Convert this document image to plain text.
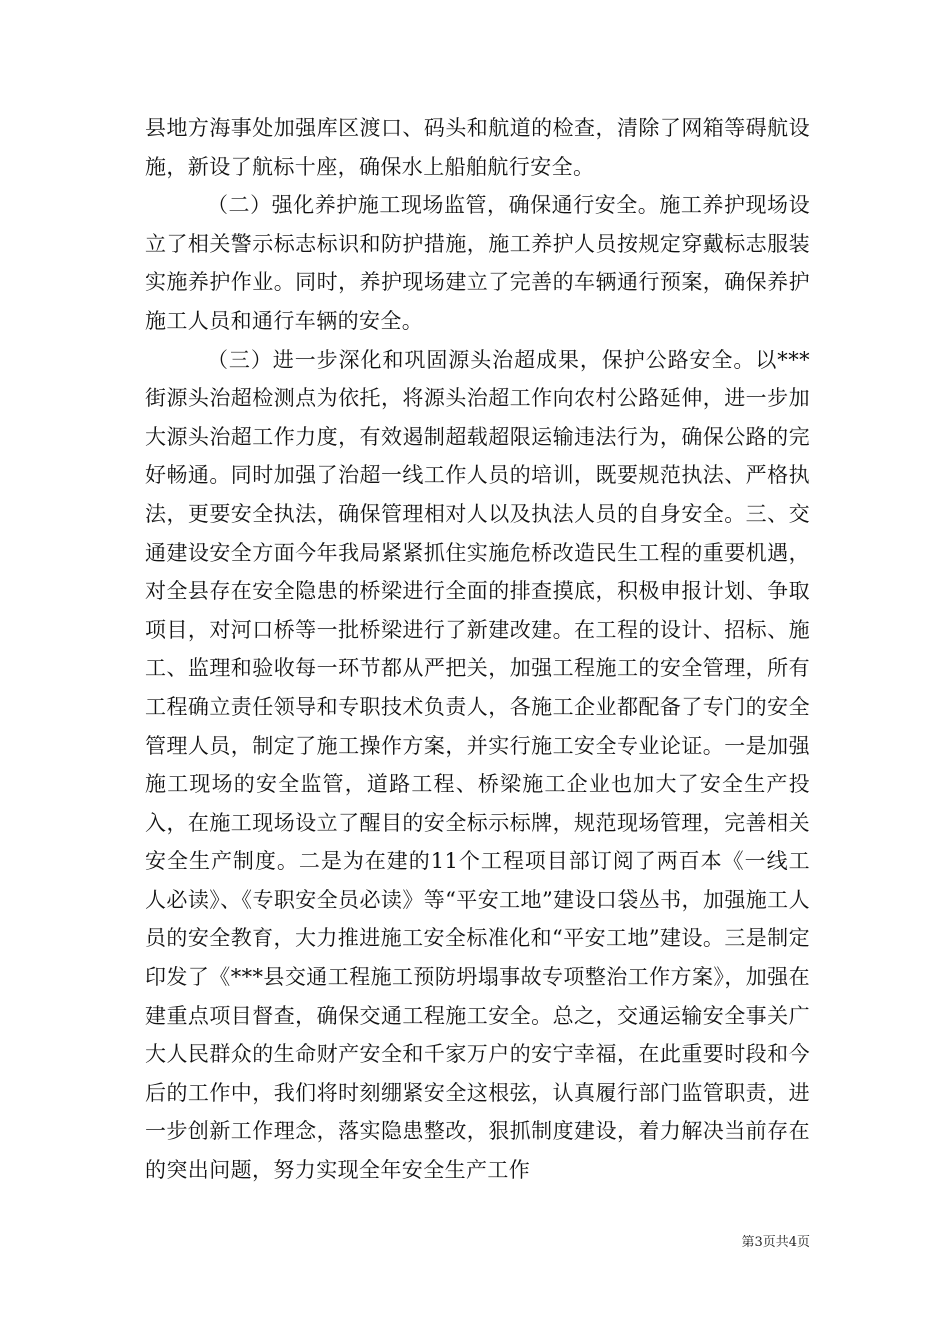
县地方海事处加强库区渡口、码头和航道的检查，清除了网箱等碍航设施，新设了航标十座，确保水上船舶航行安全。

（二）强化养护施工现场监管，确保通行安全。施工养护现场设立了相关警示标志标识和防护措施，施工养护人员按规定穿戴标志服装实施养护作业。同时，养护现场建立了完善的车辆通行预案，确保养护施工人员和通行车辆的安全。

（三）进一步深化和巩固源头治超成果，保护公路安全。以***街源头治超检测点为依托，将源头治超工作向农村公路延伸，进一步加大源头治超工作力度，有效遏制超载超限运输违法行为，确保公路的完好畅通。同时加强了治超一线工作人员的培训，既要规范执法、严格执法，更要安全执法，确保管理相对人以及执法人员的自身安全。三、交通建设安全方面今年我局紧紧抓住实施危桥改造民生工程的重要机遇，对全县存在安全隐患的桥梁进行全面的排查摸底，积极申报计划、争取项目，对河口桥等一批桥梁进行了新建改建。在工程的设计、招标、施工、监理和验收每一环节都从严把关，加强工程施工的安全管理，所有工程确立责任领导和专职技术负责人，各施工企业都配备了专门的安全管理人员，制定了施工操作方案，并实行施工安全专业论证。一是加强施工现场的安全监管，道路工程、桥梁施工企业也加大了安全生产投入，在施工现场设立了醒目的安全标示标牌，规范现场管理，完善相关安全生产制度。二是为在建的11个工程项目部订阅了两百本《一线工人必读》、《专职安全员必读》等“平安工地”建设口袋丛书，加强施工人员的安全教育，大力推进施工安全标准化和“平安工地”建设。三是制定印发了《***县交通工程施工预防坍塌事故专项整治工作方案》，加强在建重点项目督查，确保交通工程施工安全。总之，交通运输安全事关广大人民群众的生命财产安全和千家万户的安宁幸福，在此重要时段和今后的工作中，我们将时刻绷紧安全这根弦，认真履行部门监管职责，进一步创新工作理念，落实隐患整改，狠抓制度建设，着力解决当前存在的突出问题，努力实现全年安全生产工作

第3页共4页
